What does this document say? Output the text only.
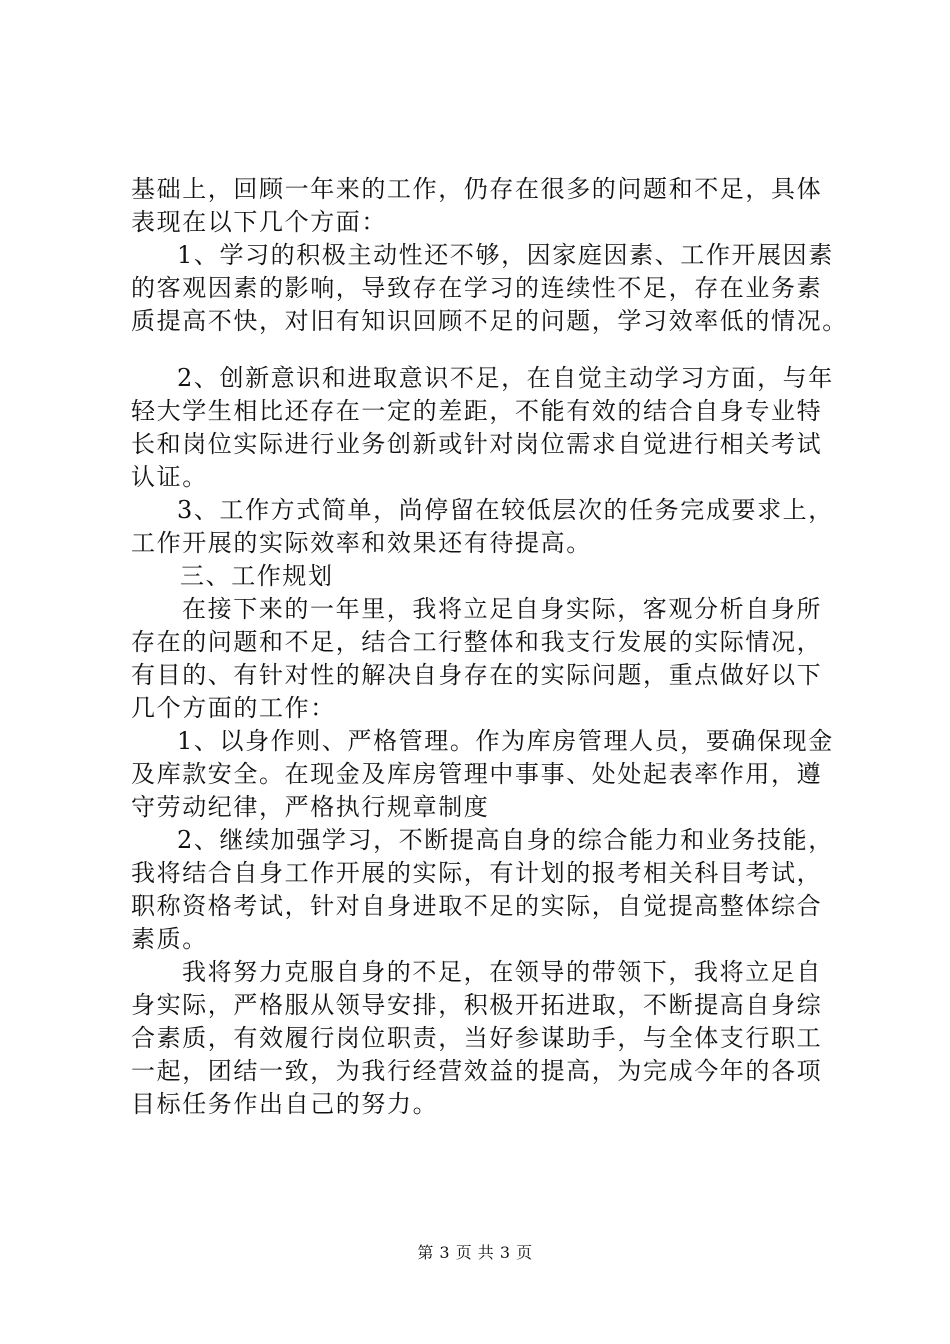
基础上，回顾一年来的工作，仍存在很多的问题和不足，具体
表现在以下几个方面：
1、学习的积极主动性还不够，因家庭因素、工作开展因素
的客观因素的影响，导致存在学习的连续性不足，存在业务素
质提高不快，对旧有知识回顾不足的问题，学习效率低的情况。
2、创新意识和进取意识不足，在自觉主动学习方面，与年
轻大学生相比还存在一定的差距，不能有效的结合自身专业特
长和岗位实际进行业务创新或针对岗位需求自觉进行相关考试
认证。
3、工作方式简单，尚停留在较低层次的任务完成要求上，
工作开展的实际效率和效果还有待提高。
三、工作规划
在接下来的一年里，我将立足自身实际，客观分析自身所
存在的问题和不足，结合工行整体和我支行发展的实际情况，
有目的、有针对性的解决自身存在的实际问题，重点做好以下
几个方面的工作：
1、以身作则、严格管理。作为库房管理人员，要确保现金
及库款安全。在现金及库房管理中事事、处处起表率作用，遵
守劳动纪律，严格执行规章制度
2、继续加强学习，不断提高自身的综合能力和业务技能，
我将结合自身工作开展的实际，有计划的报考相关科目考试，
职称资格考试，针对自身进取不足的实际，自觉提高整体综合
素质。
我将努力克服自身的不足，在领导的带领下，我将立足自
身实际，严格服从领导安排，积极开拓进取，不断提高自身综
合素质，有效履行岗位职责，当好参谋助手，与全体支行职工
一起，团结一致，为我行经营效益的提高，为完成今年的各项
目标任务作出自己的努力。
第 3 页 共 3 页
